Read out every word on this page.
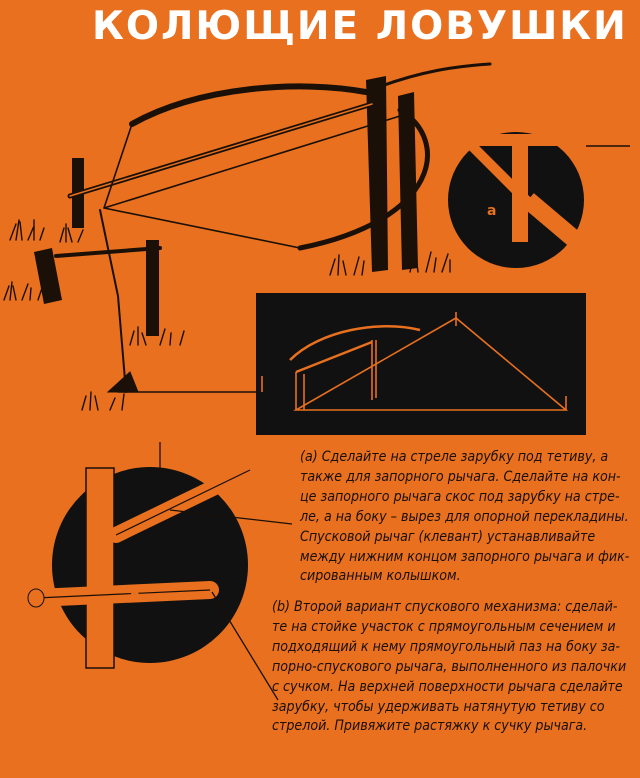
КОЛЮЩИЕ ЛОВУШКИ
a
b
(a) Сделайте на стреле зарубку под тетиву, а
также для запорного рычага. Сделайте на кон-
це запорного рычага скос под зарубку на стре-
ле, а на боку – вырез для опорной перекладины.
Спусковой рычаг (клевант) устанавливайте
между нижним концом запорного рычага и фик-
сированным колышком.
(b) Второй вариант спускового механизма: сделай-
те на стойке участок с прямоугольным сечением и
подходящий к нему прямоугольный паз на боку за-
порно-спускового рычага, выполненного из палочки
с сучком. На верхней поверхности рычага сделайте
зарубку, чтобы удерживать натянутую тетиву со
стрелой. Привяжите растяжку к сучку рычага.
